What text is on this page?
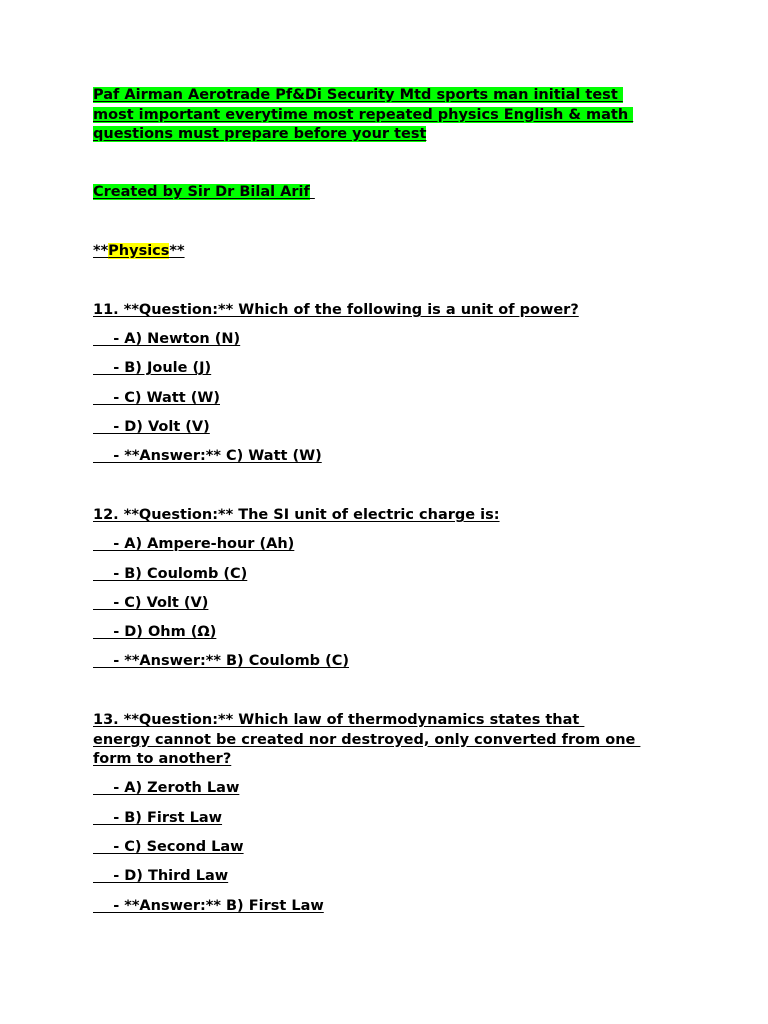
Paf Airman Aerotrade Pf&Di Security Mtd sports man initial test
most important everytime most repeated physics English & math
questions must prepare before your test
Created by Sir Dr Bilal Arif
**Physics**
11. **Question:** Which of the following is a unit of power?
- A) Newton (N)
- B) Joule (J)
- C) Watt (W)
- D) Volt (V)
- **Answer:** C) Watt (W)
12. **Question:** The SI unit of electric charge is:
- A) Ampere-hour (Ah)
- B) Coulomb (C)
- C) Volt (V)
- D) Ohm (Ω)
- **Answer:** B) Coulomb (C)
13. **Question:** Which law of thermodynamics states that
energy cannot be created nor destroyed, only converted from one
form to another?
- A) Zeroth Law
- B) First Law
- C) Second Law
- D) Third Law
- **Answer:** B) First Law
